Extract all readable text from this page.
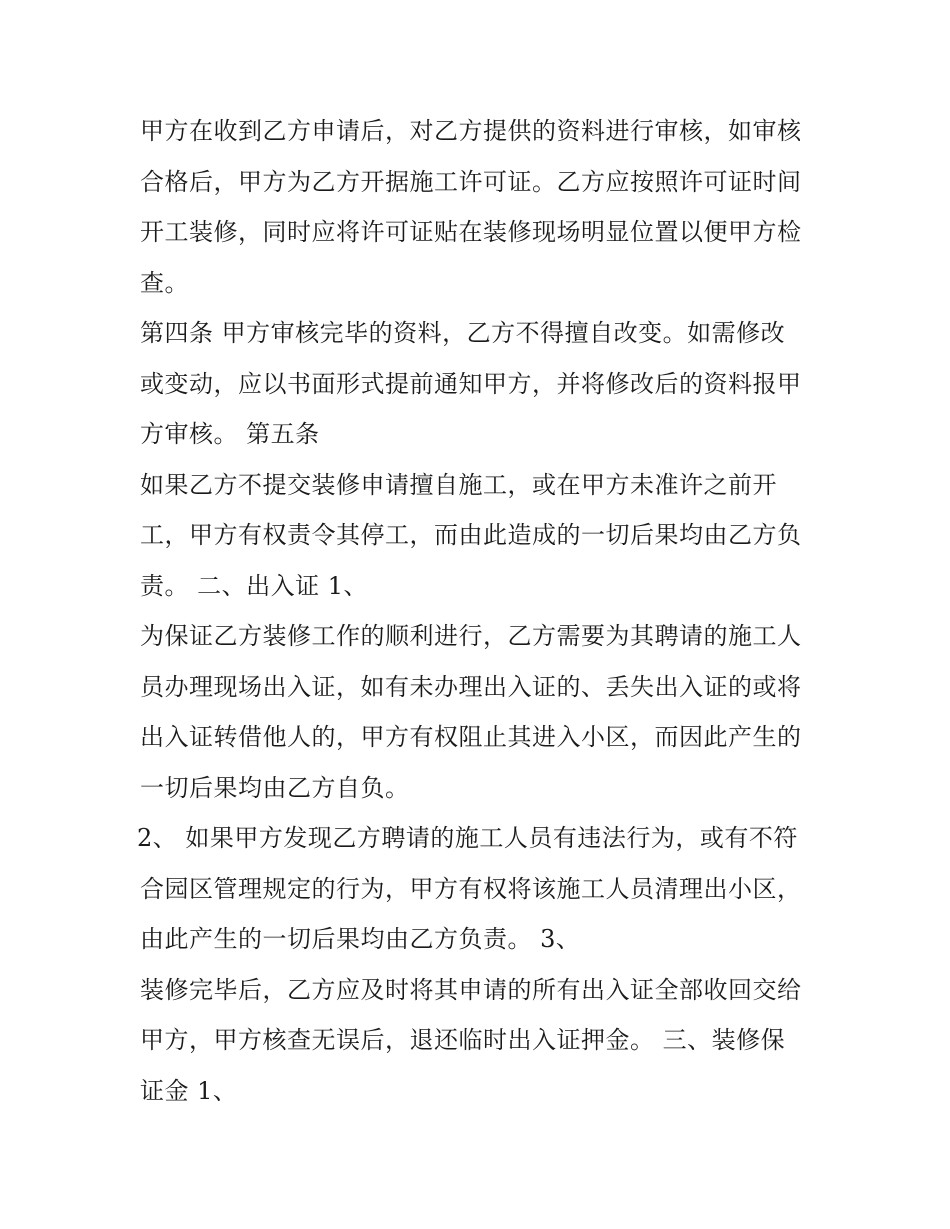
甲方在收到乙方申请后，对乙方提供的资料进行审核，如审核
合格后，甲方为乙方开据施工许可证。乙方应按照许可证时间
开工装修，同时应将许可证贴在装修现场明显位置以便甲方检
查。
第四条 甲方审核完毕的资料，乙方不得擅自改变。如需修改
或变动，应以书面形式提前通知甲方，并将修改后的资料报甲
方审核。 第五条
如果乙方不提交装修申请擅自施工，或在甲方未准许之前开
工，甲方有权责令其停工，而由此造成的一切后果均由乙方负
责。 二、出入证 1、
为保证乙方装修工作的顺利进行，乙方需要为其聘请的施工人
员办理现场出入证，如有未办理出入证的、丢失出入证的或将
出入证转借他人的，甲方有权阻止其进入小区，而因此产生的
一切后果均由乙方自负。
2、 如果甲方发现乙方聘请的施工人员有违法行为，或有不符
合园区管理规定的行为，甲方有权将该施工人员清理出小区，
由此产生的一切后果均由乙方负责。 3、
装修完毕后，乙方应及时将其申请的所有出入证全部收回交给
甲方，甲方核查无误后，退还临时出入证押金。 三、装修保
证金 1、
